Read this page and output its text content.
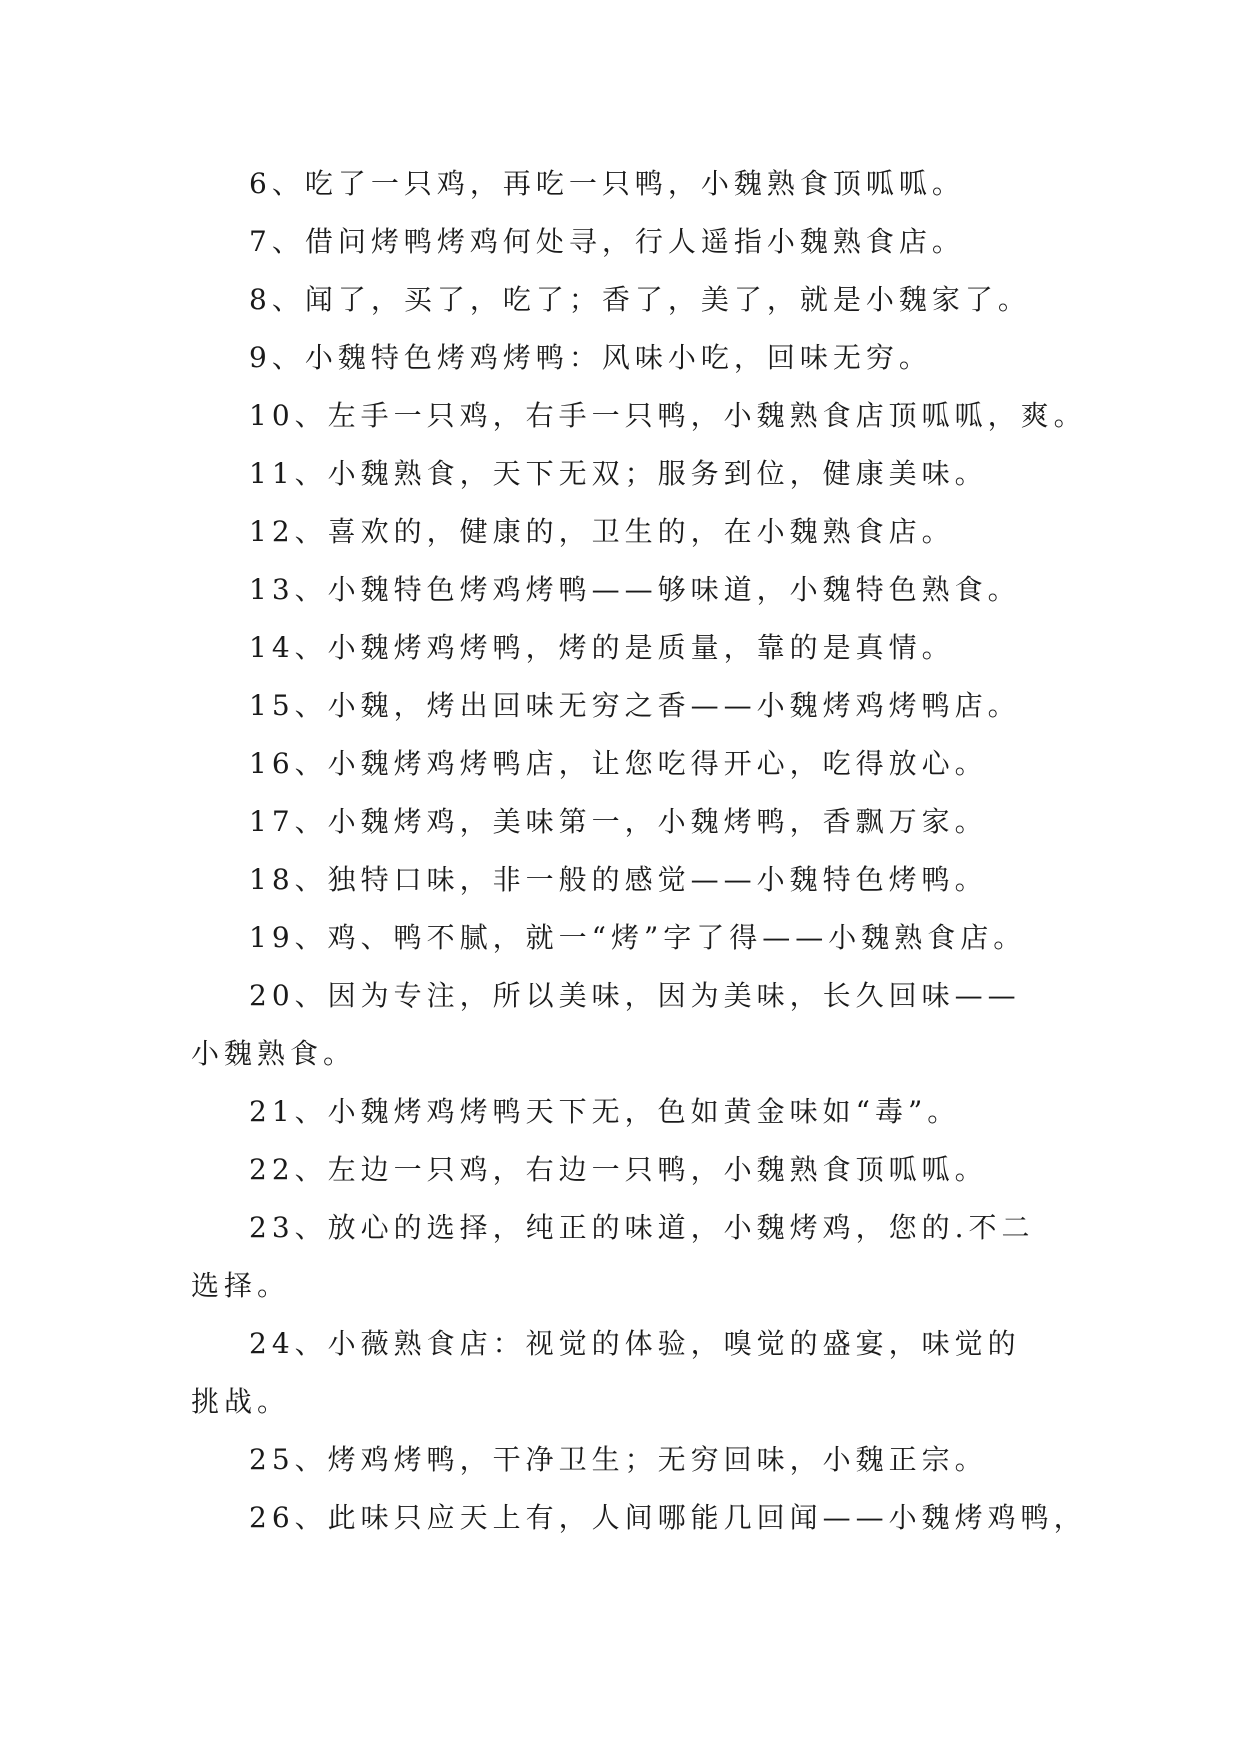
6、吃了一只鸡，再吃一只鸭，小魏熟食顶呱呱。

7、借问烤鸭烤鸡何处寻，行人遥指小魏熟食店。

8、闻了，买了，吃了；香了，美了，就是小魏家了。

9、小魏特色烤鸡烤鸭：风味小吃，回味无穷。

10、左手一只鸡，右手一只鸭，小魏熟食店顶呱呱，爽。

11、小魏熟食，天下无双；服务到位，健康美味。

12、喜欢的，健康的，卫生的，在小魏熟食店。

13、小魏特色烤鸡烤鸭——够味道，小魏特色熟食。

14、小魏烤鸡烤鸭，烤的是质量，靠的是真情。

15、小魏，烤出回味无穷之香——小魏烤鸡烤鸭店。

16、小魏烤鸡烤鸭店，让您吃得开心，吃得放心。

17、小魏烤鸡，美味第一，小魏烤鸭，香飘万家。

18、独特口味，非一般的感觉——小魏特色烤鸭。

19、鸡、鸭不腻，就一“烤”字了得——小魏熟食店。

20、因为专注，所以美味，因为美味，长久回味——小魏熟食。

21、小魏烤鸡烤鸭天下无，色如黄金味如“毒”。

22、左边一只鸡，右边一只鸭，小魏熟食顶呱呱。

23、放心的选择，纯正的味道，小魏烤鸡，您的.不二选择。

24、小薇熟食店：视觉的体验，嗅觉的盛宴，味觉的挑战。

25、烤鸡烤鸭，干净卫生；无穷回味，小魏正宗。

26、此味只应天上有，人间哪能几回闻——小魏烤鸡鸭，
